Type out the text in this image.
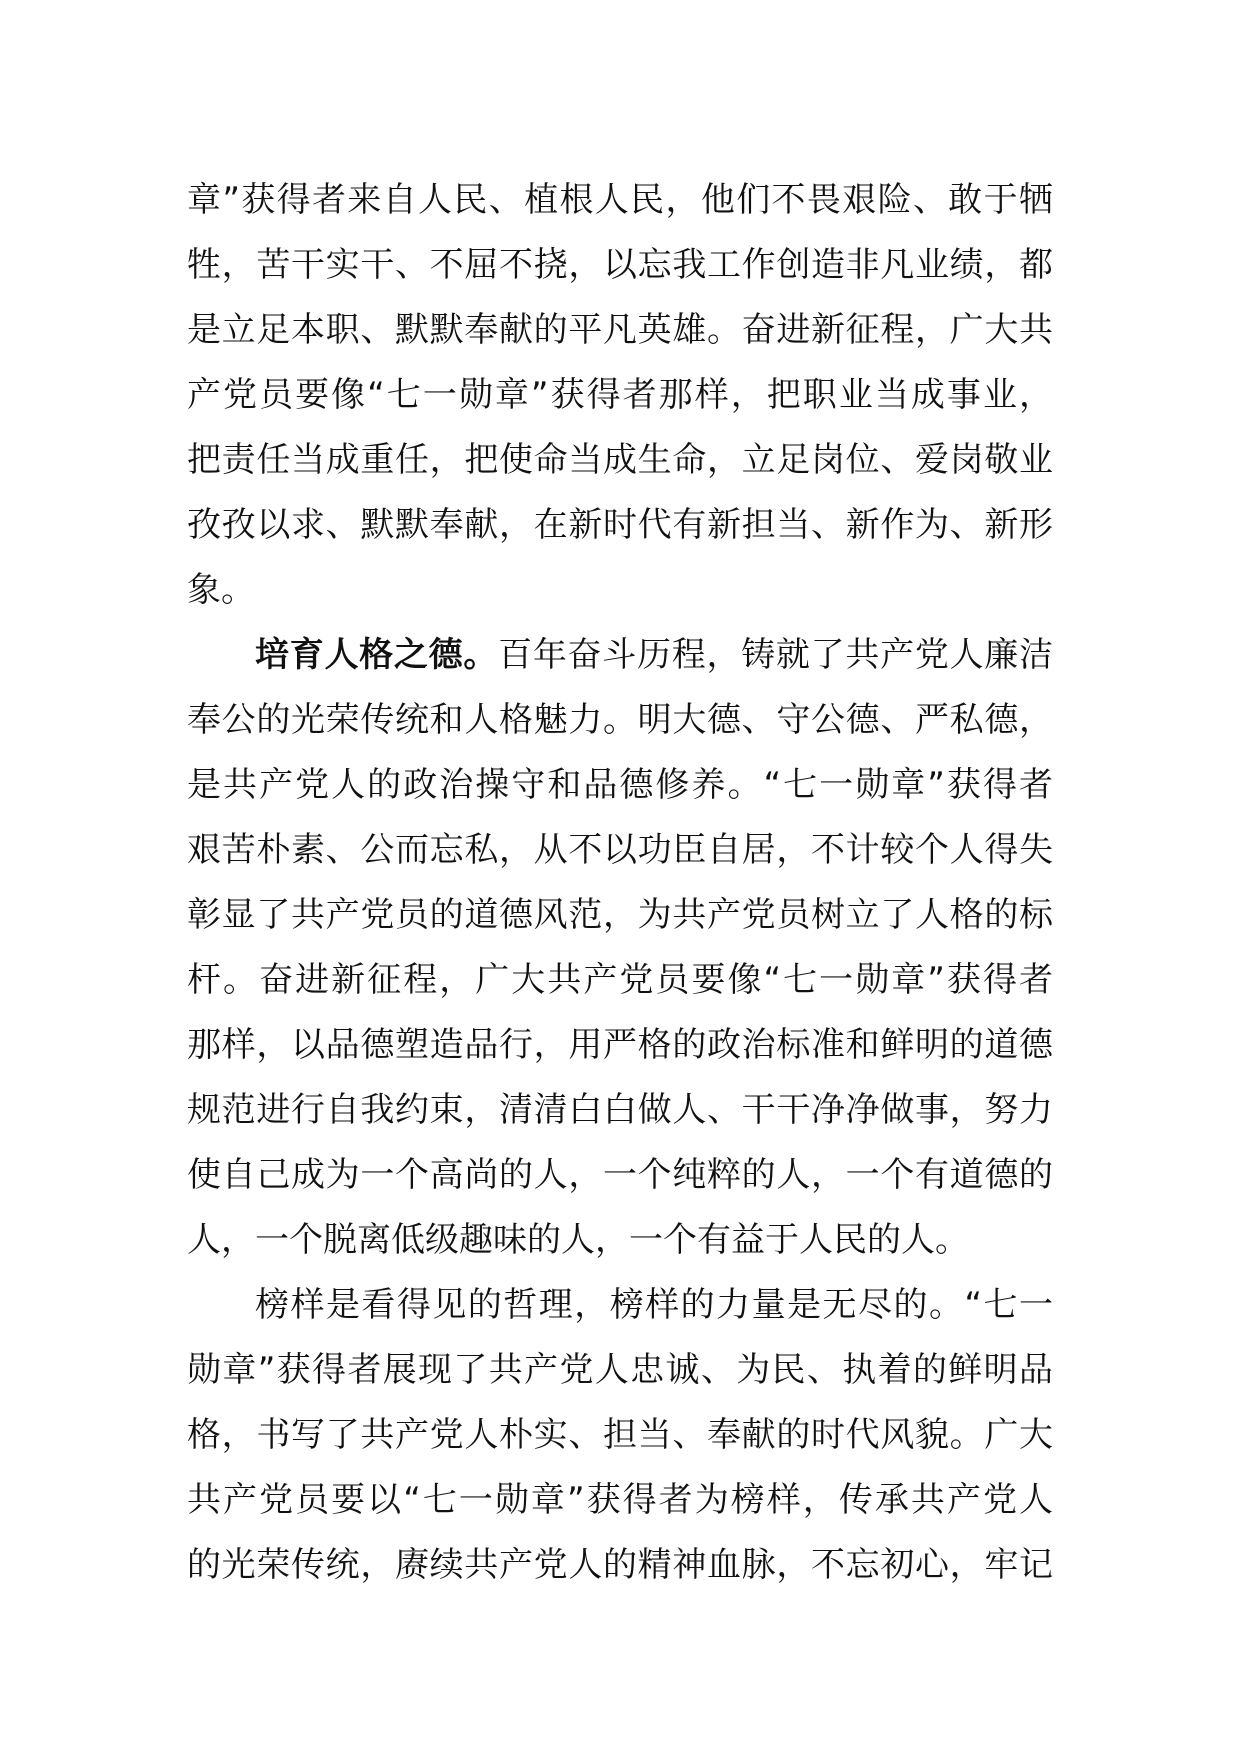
章”获得者来自人民、植根人民，他们不畏艰险、敢于牺
牲，苦干实干、不屈不挠，以忘我工作创造非凡业绩，都
是立足本职、默默奉献的平凡英雄。奋进新征程，广大共
产党员要像“七一勋章”获得者那样，把职业当成事业，
把责任当成重任，把使命当成生命，立足岗位、爱岗敬业
孜孜以求、默默奉献，在新时代有新担当、新作为、新形
象。
培育人格之德。百年奋斗历程，铸就了共产党人廉洁
奉公的光荣传统和人格魅力。明大德、守公德、严私德，
是共产党人的政治操守和品德修养。“七一勋章”获得者
艰苦朴素、公而忘私，从不以功臣自居，不计较个人得失
彰显了共产党员的道德风范，为共产党员树立了人格的标
杆。奋进新征程，广大共产党员要像“七一勋章”获得者
那样，以品德塑造品行，用严格的政治标准和鲜明的道德
规范进行自我约束，清清白白做人、干干净净做事，努力
使自己成为一个高尚的人，一个纯粹的人，一个有道德的
人，一个脱离低级趣味的人，一个有益于人民的人。
榜样是看得见的哲理，榜样的力量是无尽的。“七一
勋章”获得者展现了共产党人忠诚、为民、执着的鲜明品
格，书写了共产党人朴实、担当、奉献的时代风貌。广大
共产党员要以“七一勋章”获得者为榜样，传承共产党人
的光荣传统，赓续共产党人的精神血脉，不忘初心，牢记
